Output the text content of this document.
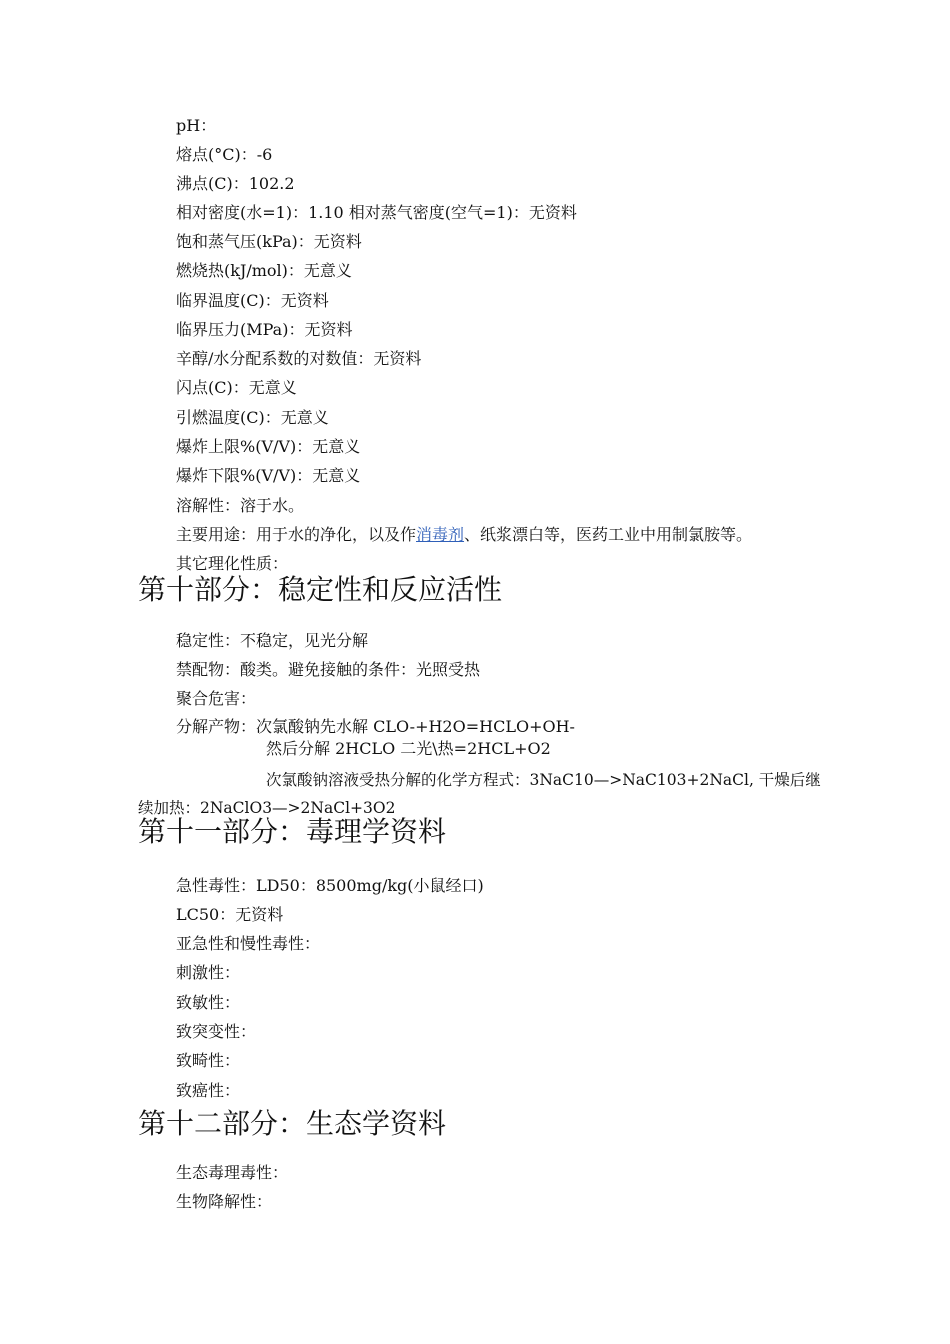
pH：
熔点(°C)：-6
沸点(C)：102.2
相对密度(水=1)：1.10 相对蒸气密度(空气=1)：无资料
饱和蒸气压(kPa)：无资料
燃烧热(kJ/mol)：无意义
临界温度(C)：无资料
临界压力(MPa)：无资料
辛醇/水分配系数的对数值：无资料
闪点(C)：无意义
引燃温度(C)：无意义
爆炸上限%(V/V)：无意义
爆炸下限%(V/V)：无意义
溶解性：溶于水。
主要用途：用于水的净化，以及作消毒剂、纸浆漂白等，医药工业中用制氯胺等。
其它理化性质：
第十部分：稳定性和反应活性
稳定性：不稳定，见光分解
禁配物：酸类。避免接触的条件：光照受热
聚合危害：
分解产物：次氯酸钠先水解 CLO-+H2O=HCLO+OH-
然后分解 2HCLO 二光\热=2HCL+O2
次氯酸钠溶液受热分解的化学方程式：3NaC10—>NaC103+2NaCl, 干燥后继
续加热：2NaClO3—>2NaCl+3O2
第十一部分：毒理学资料
急性毒性：LD50：8500mg/kg(小鼠经口)
LC50：无资料
亚急性和慢性毒性：
刺激性：
致敏性：
致突变性：
致畸性：
致癌性：
第十二部分：生态学资料
生态毒理毒性：
生物降解性：
